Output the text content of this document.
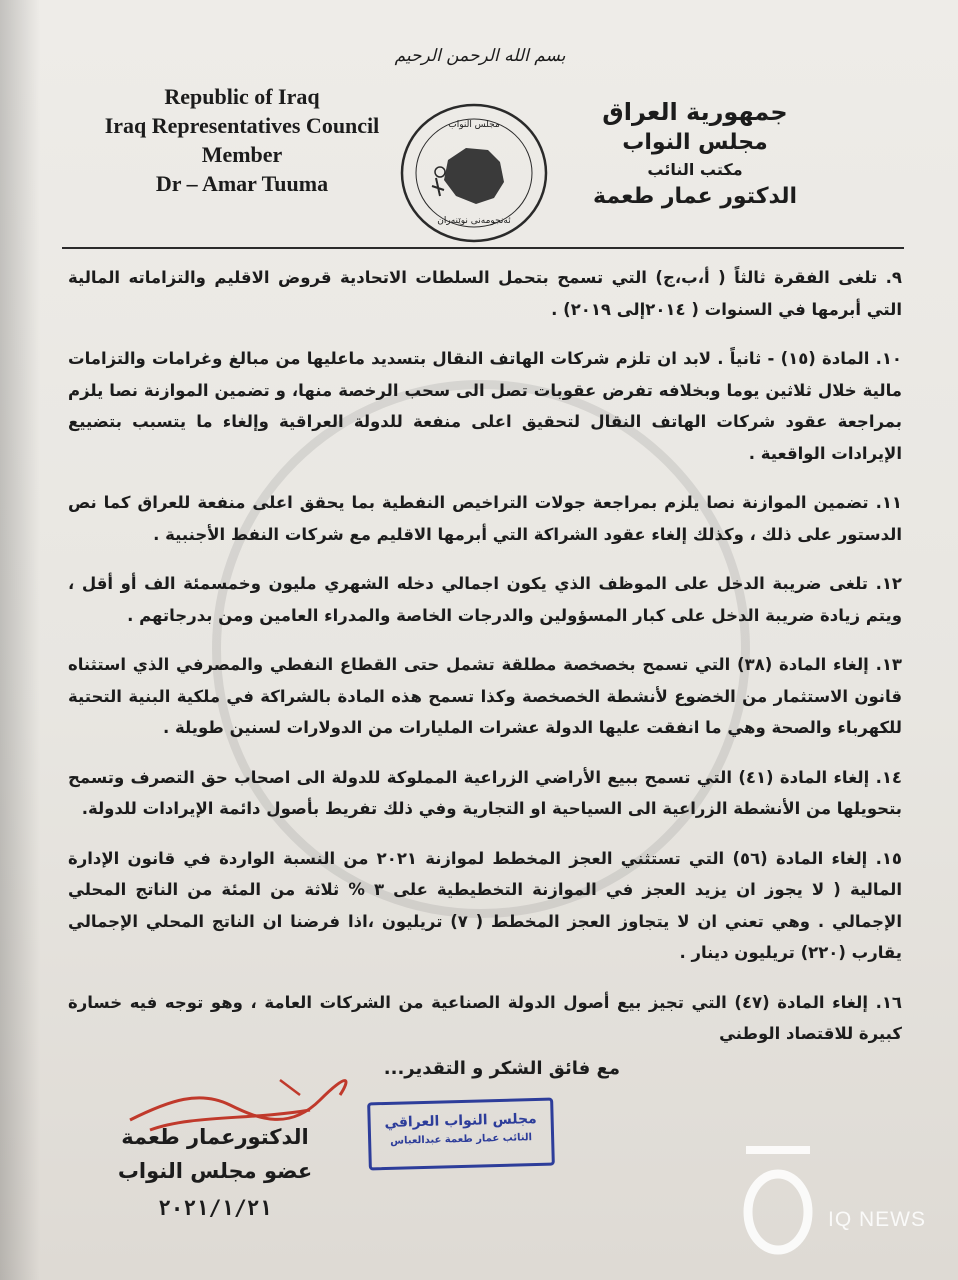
بسم الله الرحمن الرحيم
Republic of Iraq
Iraq Representatives Council
Member
Dr – Amar Tuuma
مجلس النواب
ئەنجومەنی نوێنەران
جمهورية العراق
مجلس النواب
مكتب النائب
الدكتور عمار طعمة

٩. تلغى الفقرة ثالثاً ( أ،ب،ج) التي تسمح بتحمل السلطات الاتحادية قروض الاقليم والتزاماته المالية التي أبرمها في السنوات ( ٢٠١٤إلى ٢٠١٩) .

١٠. المادة (١٥) - ثانياً . لابد ان تلزم شركات الهاتف النقال بتسديد ماعليها من مبالغ وغرامات والتزامات مالية خلال ثلاثين يوما وبخلافه تفرض عقوبات تصل الى سحب الرخصة منها، و تضمين الموازنة نصا يلزم بمراجعة عقود شركات الهاتف النقال لتحقيق اعلى منفعة للدولة العراقية وإلغاء ما يتسبب بتضييع الإيرادات الواقعية .

١١. تضمين الموازنة نصا يلزم بمراجعة جولات التراخيص النفطية بما يحقق اعلى منفعة للعراق كما نص الدستور على ذلك ، وكذلك إلغاء عقود الشراكة التي أبرمها الاقليم مع شركات النفط الأجنبية .

١٢. تلغى ضريبة الدخل على الموظف الذي يكون اجمالي دخله الشهري مليون وخمسمئة الف أو أقل ، ويتم زيادة ضريبة الدخل على كبار المسؤولين والدرجات الخاصة والمدراء العامين ومن بدرجاتهم .

١٣. إلغاء المادة (٣٨) التي تسمح بخصخصة مطلقة تشمل حتى القطاع النفطي والمصرفي الذي استثناه قانون الاستثمار من الخضوع لأنشطة الخصخصة وكذا تسمح هذه المادة بالشراكة في ملكية البنية التحتية للكهرباء والصحة وهي ما انفقت عليها الدولة عشرات المليارات من الدولارات لسنين طويلة .

١٤. إلغاء المادة (٤١) التي تسمح ببيع الأراضي الزراعية المملوكة للدولة الى اصحاب حق التصرف وتسمح بتحويلها من الأنشطة الزراعية الى السياحية او التجارية وفي ذلك تفريط بأصول دائمة الإيرادات للدولة.

١٥. إلغاء المادة (٥٦) التي تستثني العجز المخطط لموازنة ٢٠٢١ من النسبة الواردة في قانون الإدارة المالية ( لا يجوز ان يزيد العجز في الموازنة التخطيطية على ٣ % ثلاثة من المئة من الناتج المحلي الإجمالي . وهي تعني ان لا يتجاوز العجز المخطط ( ٧) تريليون ،اذا فرضنا ان الناتج المحلي الإجمالي يقارب (٢٢٠) تريليون دينار .

١٦. إلغاء المادة (٤٧) التي تجيز بيع أصول الدولة الصناعية من الشركات العامة ، وهو توجه فيه خسارة كبيرة للاقتصاد الوطني

مع فائق الشكر و التقدير...
الدكتورعمار طعمة
عضو مجلس النواب
٢٠٢١/١/٢١
مجلس النواب العراقي
النائب عمار طعمة عبدالعباس
IQ NEWS
